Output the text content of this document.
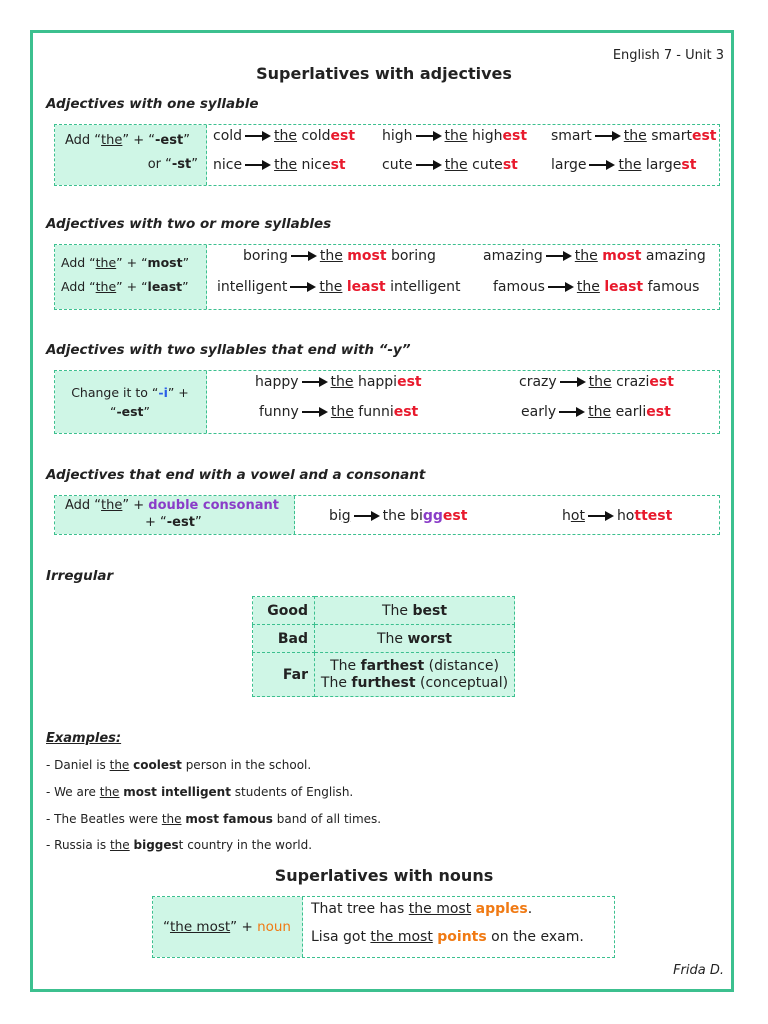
English 7 - Unit 3
Superlatives with adjectives
Adjectives with one syllable
Add “the” + “-est”
or “-st”
cold the coldest high the highest smart the smartest
nice the nicest	cute the cutest large the largest
Adjectives with two or more syllables
Add “the” + “most”
Add “the” + “least”
boring the most boring	amazing the most amazing
intelligent the least intelligent famous the least famous
Adjectives with two syllables that end with “-y”
Change it to “-i” +
“-est”
happy the happiest	crazy the craziest
funny the funniest	early the earliest
Adjectives that end with a vowel and a consonant
Add “the” + double consonant
+ “-est”	big the biggest	hot hottest
Irregular
Good	The best
Bad	The worst
Far	The farthest (distance)
The furthest (conceptual)
Examples:
- Daniel is the coolest person in the school.
- We are the most intelligent students of English.
- The Beatles were the most famous band of all times.
- Russia is the biggest country in the world.
Superlatives with nouns
“the most” + noun
That tree has the most apples.
Lisa got the most points on the exam.
Frida D.
